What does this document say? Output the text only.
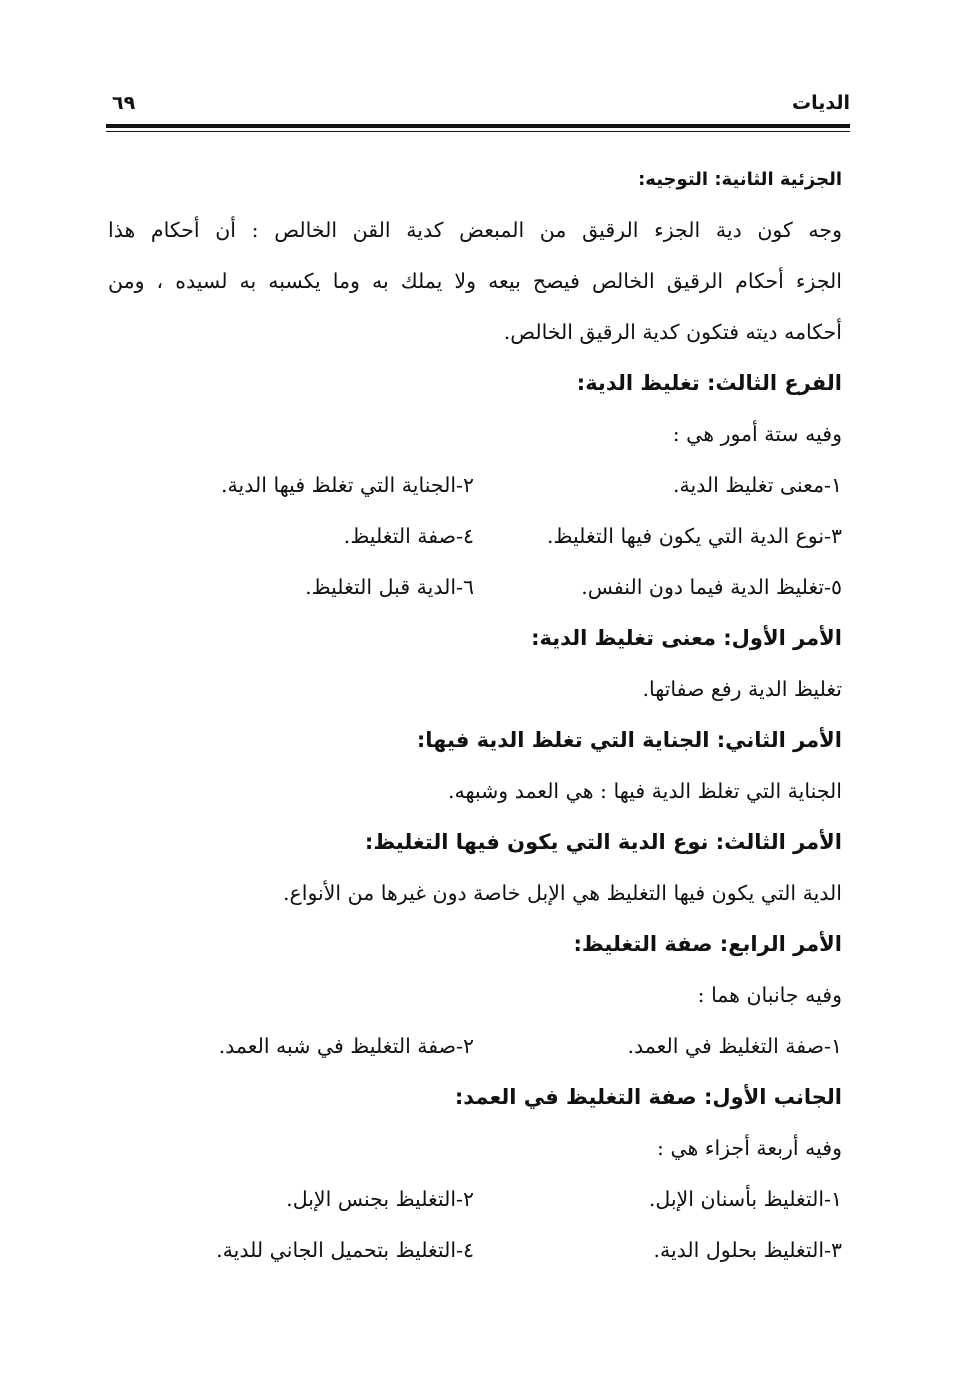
الديات
٦٩
الجزئية الثانية: التوجيه:
وجه كون دية الجزء الرقيق من المبعض كدية القن الخالص : أن أحكام هذا
الجزء أحكام الرقيق الخالص فيصح بيعه ولا يملك به وما يكسبه به لسيده ، ومن
أحكامه ديته فتكون كدية الرقيق الخالص.
الفرع الثالث: تغليظ الدية:
وفيه ستة أمور هي :
١-معنى تغليظ الدية.
٢-الجناية التي تغلظ فيها الدية.
٣-نوع الدية التي يكون فيها التغليظ.
٤-صفة التغليظ.
٥-تغليظ الدية فيما دون النفس.
٦-الدية قبل التغليظ.
الأمر الأول: معنى تغليظ الدية:
تغليظ الدية رفع صفاتها.
الأمر الثاني: الجناية التي تغلظ الدية فيها:
الجناية التي تغلظ الدية فيها : هي العمد وشبهه.
الأمر الثالث: نوع الدية التي يكون فيها التغليظ:
الدية التي يكون فيها التغليظ هي الإبل خاصة دون غيرها من الأنواع.
الأمر الرابع: صفة التغليظ:
وفيه جانبان هما :
١-صفة التغليظ في العمد.
٢-صفة التغليظ في شبه العمد.
الجانب الأول: صفة التغليظ في العمد:
وفيه أربعة أجزاء هي :
١-التغليظ بأسنان الإبل.
٢-التغليظ بجنس الإبل.
٣-التغليظ بحلول الدية.
٤-التغليظ بتحميل الجاني للدية.
